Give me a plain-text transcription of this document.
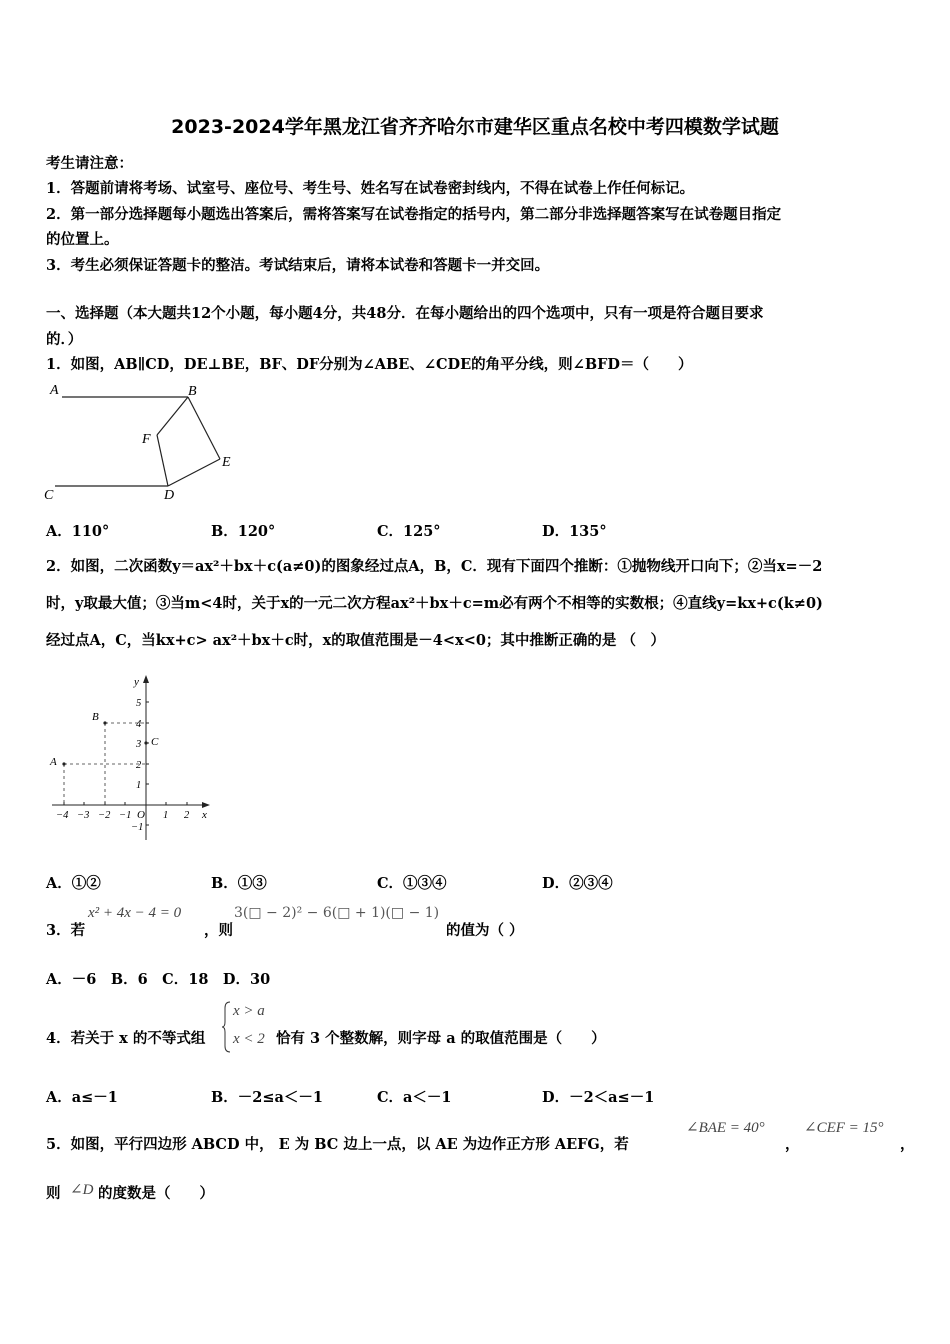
2023-2024学年黑龙江省齐齐哈尔市建华区重点名校中考四模数学试题
考生请注意：
1．答题前请将考场、试室号、座位号、考生号、姓名写在试卷密封线内，不得在试卷上作任何标记。
2．第一部分选择题每小题选出答案后，需将答案写在试卷指定的括号内，第二部分非选择题答案写在试卷题目指定
的位置上。
3．考生必须保证答题卡的整洁。考试结束后，请将本试卷和答题卡一并交回。
一、选择题（本大题共12个小题，每小题4分，共48分．在每小题给出的四个选项中，只有一项是符合题目要求
的．）
1．如图，AB∥CD，DE⊥BE，BF、DF分别为∠ABE、∠CDE的角平分线，则∠BFD＝（　　）
A	B
C	D
E
F
A．110°	B．120°	C．125°	D．135°
2．如图，二次函数y＝ax²＋bx＋c(a≠0)的图象经过点A，B，C．现有下面四个推断：①抛物线开口向下；②当x=－2
时，y取最大值；③当m<4时，关于x的一元二次方程ax²＋bx＋c=m必有两个不相等的实数根；④直线y=kx+c(k≠0)
经过点A，C，当kx+c> ax²＋bx＋c时，x的取值范围是－4<x<0；其中推断正确的是 （　）
−4 −3 −2 −1	1 2
5
4
3
2
1
−1
O	x
y
A
B
C
A．①②	B．①③	C．①③④	D．②③④
3．若
x² + 4x − 4 = 0
，则
3(□ − 2)² − 6(□ + 1)(□ − 1)
的值为（ ）
A．－6　B．6　C．18　D．30
4．若关于 x 的不等式组
x > a
x < 2 恰有 3 个整数解，则字母 a 的取值范围是（　　）
A．a≤－1	B．－2≤a＜－1	C．a＜－1	D．－2＜a≤－1
5．如图，平行四边形 ABCD 中， E 为 BC 边上一点，以 AE 为边作正方形 AEFG，若
∠BAE = 40°
，
∠CEF = 15°
，
则 ∠D 的度数是（　　）
